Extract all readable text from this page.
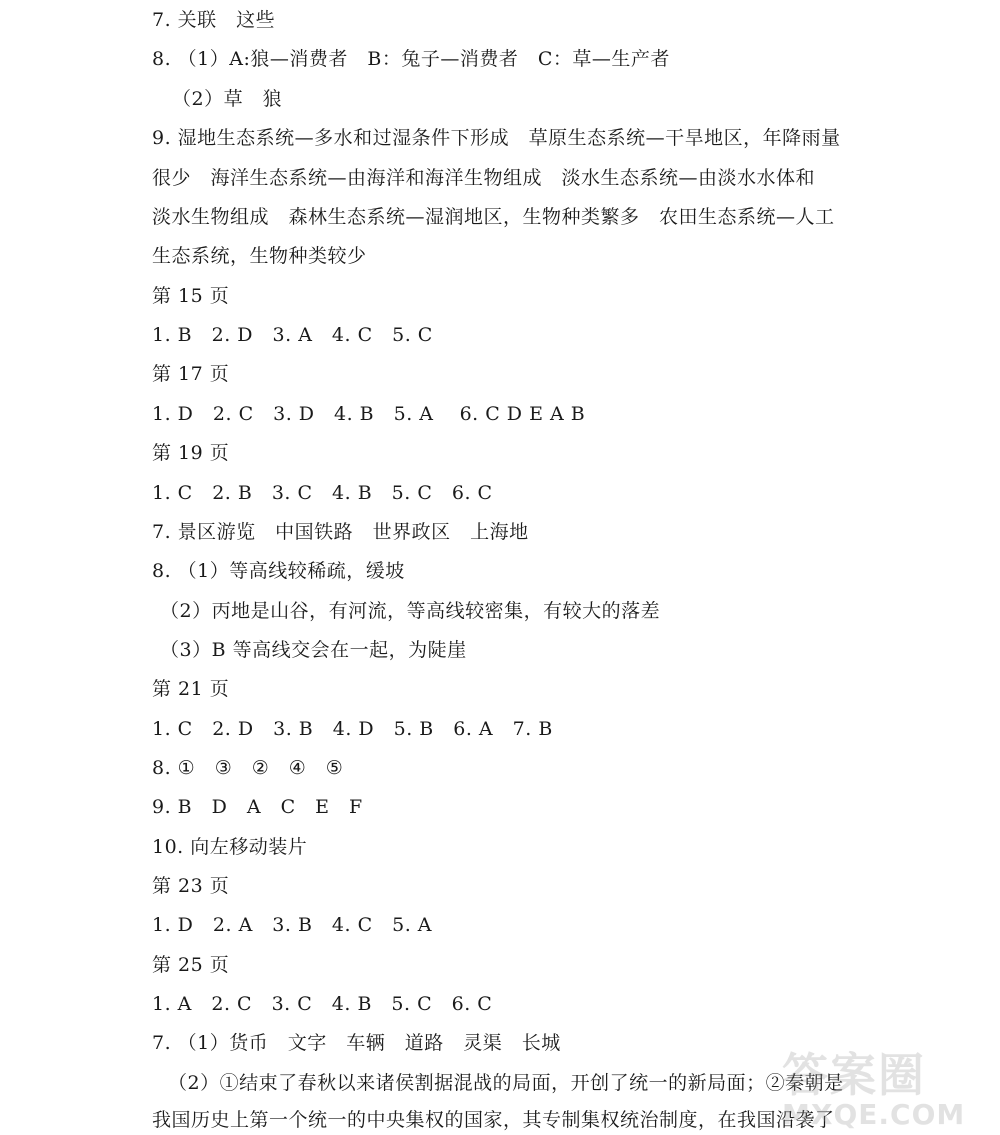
7. 关联　这些
8. （1）A:狼—消费者　B：兔子—消费者　C：草—生产者
（2）草　狼
9. 湿地生态系统—多水和过湿条件下形成　草原生态系统—干旱地区，年降雨量
很少　海洋生态系统—由海洋和海洋生物组成　淡水生态系统—由淡水水体和
淡水生物组成　森林生态系统—湿润地区，生物种类繁多　农田生态系统—人工
生态系统，生物种类较少
第 15 页
1. B　2. D　3. A　4. C　5. C
第 17 页
1. D　2. C　3. D　4. B　5. A　 6. C D E A B
第 19 页
1. C　2. B　3. C　4. B　5. C　6. C
7. 景区游览　中国铁路　世界政区　上海地
8. （1）等高线较稀疏，缓坡
（2）丙地是山谷，有河流，等高线较密集，有较大的落差
（3）B 等高线交会在一起，为陡崖
第 21 页
1. C　2. D　3. B　4. D　5. B　6. A　7. B
8. ①　③　②　④　⑤
9. B　D　A　C　E　F
10. 向左移动装片
第 23 页
1. D　2. A　3. B　4. C　5. A
第 25 页
1. A　2. C　3. C　4. B　5. C　6. C
7. （1）货币　文字　车辆　道路　灵渠　长城
（2）①结束了春秋以来诸侯割据混战的局面，开创了统一的新局面；②秦朝是
我国历史上第一个统一的中央集权的国家，其专制集权统治制度，在我国沿袭了
答案圈
MXQE.COM
